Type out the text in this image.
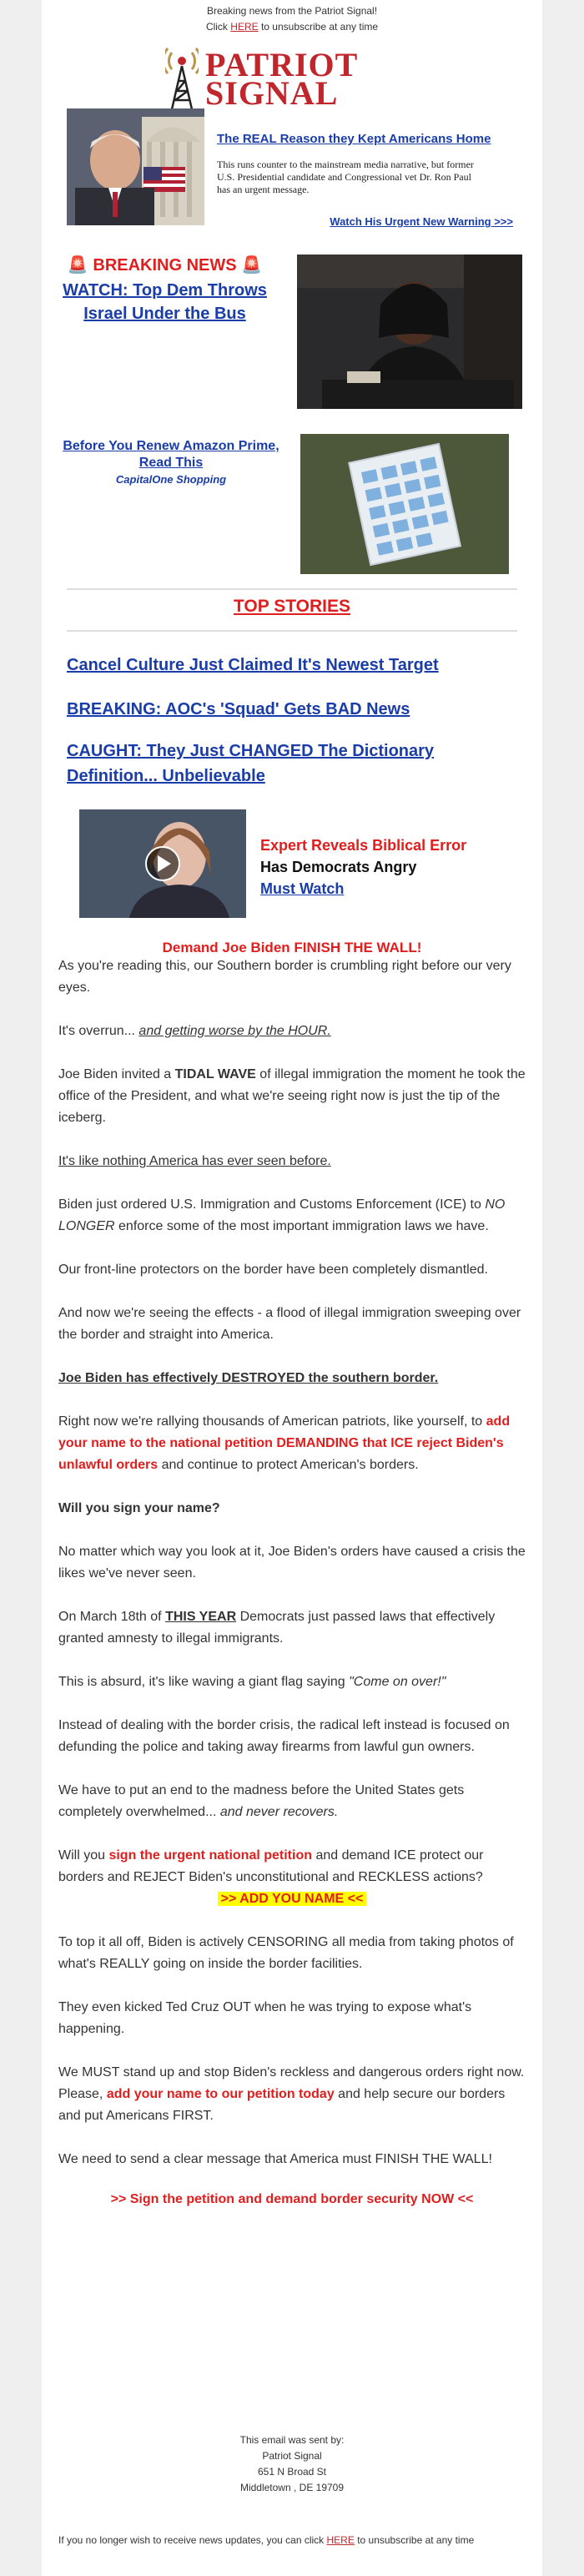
Breaking news from the Patriot Signal!
Click HERE to unsubscribe at any time
PATRIOT
SIGNAL
The REAL Reason they Kept Americans Home
This runs counter to the mainstream media narrative, but former U.S. Presidential candidate and Congressional vet Dr. Ron Paul has an urgent message.
Watch His Urgent New Warning >>>
🚨 BREAKING NEWS 🚨
WATCH: Top Dem Throws Israel Under the Bus
Before You Renew Amazon Prime, Read This
CapitalOne Shopping
TOP STORIES
Cancel Culture Just Claimed It's Newest Target
BREAKING: AOC's 'Squad' Gets BAD News
CAUGHT: They Just CHANGED The Dictionary Definition... Unbelievable
Expert Reveals Biblical Error
Has Democrats Angry
Must Watch
Demand Joe Biden FINISH THE WALL!

As you're reading this, our Southern border is crumbling right before our very eyes.

It's overrun... and getting worse by the HOUR.

Joe Biden invited a TIDAL WAVE of illegal immigration the moment he took the office of the President, and what we're seeing right now is just the tip of the iceberg.

It's like nothing America has ever seen before.

Biden just ordered U.S. Immigration and Customs Enforcement (ICE) to NO LONGER enforce some of the most important immigration laws we have.

Our front-line protectors on the border have been completely dismantled.

And now we're seeing the effects - a flood of illegal immigration sweeping over the border and straight into America.

Joe Biden has effectively DESTROYED the southern border.

Right now we're rallying thousands of American patriots, like yourself, to add your name to the national petition DEMANDING that ICE reject Biden's unlawful orders and continue to protect American's borders.

Will you sign your name?

No matter which way you look at it, Joe Biden's orders have caused a crisis the likes we've never seen.

On March 18th of THIS YEAR Democrats just passed laws that effectively granted amnesty to illegal immigrants.

This is absurd, it's like waving a giant flag saying "Come on over!"

Instead of dealing with the border crisis, the radical left instead is focused on defunding the police and taking away firearms from lawful gun owners.

We have to put an end to the madness before the United States gets completely overwhelmed... and never recovers.

Will you sign the urgent national petition and demand ICE protect our borders and REJECT Biden's unconstitutional and RECKLESS actions?

>> ADD YOU NAME <<

To top it all off, Biden is actively CENSORING all media from taking photos of what's REALLY going on inside the border facilities.

They even kicked Ted Cruz OUT when he was trying to expose what's happening.

We MUST stand up and stop Biden's reckless and dangerous orders right now. Please, add your name to our petition today and help secure our borders and put Americans FIRST.

We need to send a clear message that America must FINISH THE WALL!

>> Sign the petition and demand border security NOW <<
This email was sent by:
Patriot Signal
651 N Broad St
Middletown , DE 19709
If you no longer wish to receive news updates, you can click HERE to unsubscribe at any time
